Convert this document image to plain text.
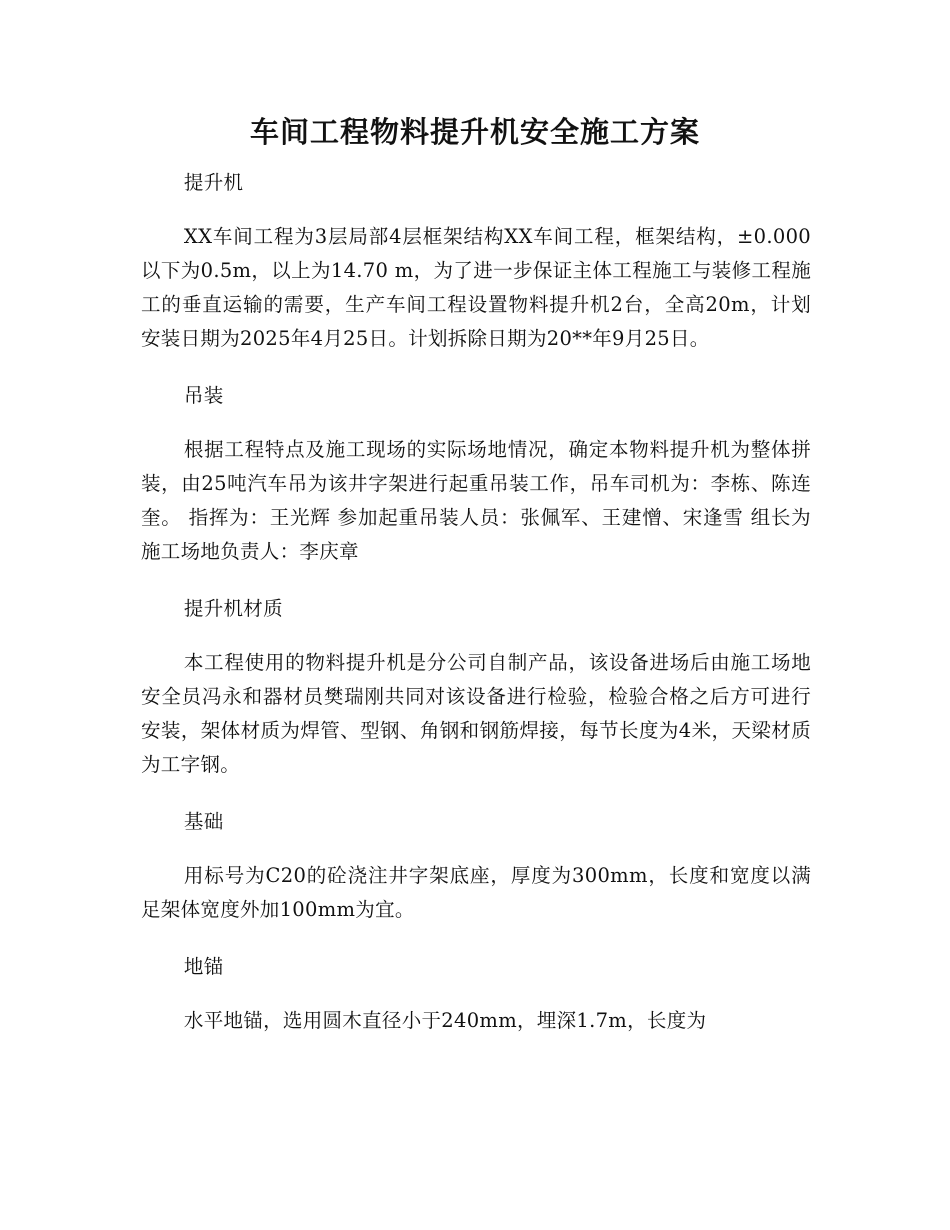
车间工程物料提升机安全施工方案

提升机

XX车间工程为3层局部4层框架结构XX车间工程，框架结构，±0.000以下为0.5m，以上为14.70 m，为了进一步保证主体工程施工与装修工程施工的垂直运输的需要，生产车间工程设置物料提升机2台，全高20m，计划安装日期为2025年4月25日。计划拆除日期为20**年9月25日。

吊装

根据工程特点及施工现场的实际场地情况，确定本物料提升机为整体拼装，由25吨汽车吊为该井字架进行起重吊装工作，吊车司机为：李栋、陈连奎。 指挥为：王光辉 参加起重吊装人员：张佩军、王建憎、宋逢雪 组长为施工场地负责人：李庆章

提升机材质

本工程使用的物料提升机是分公司自制产品，该设备进场后由施工场地安全员冯永和器材员樊瑞刚共同对该设备进行检验，检验合格之后方可进行安装，架体材质为焊管、型钢、角钢和钢筋焊接，每节长度为4米，天梁材质为工字钢。

基础

用标号为C20的砼浇注井字架底座，厚度为300mm，长度和宽度以满足架体宽度外加100mm为宜。

地锚

水平地锚，选用圆木直径小于240mm，埋深1.7m，长度为
